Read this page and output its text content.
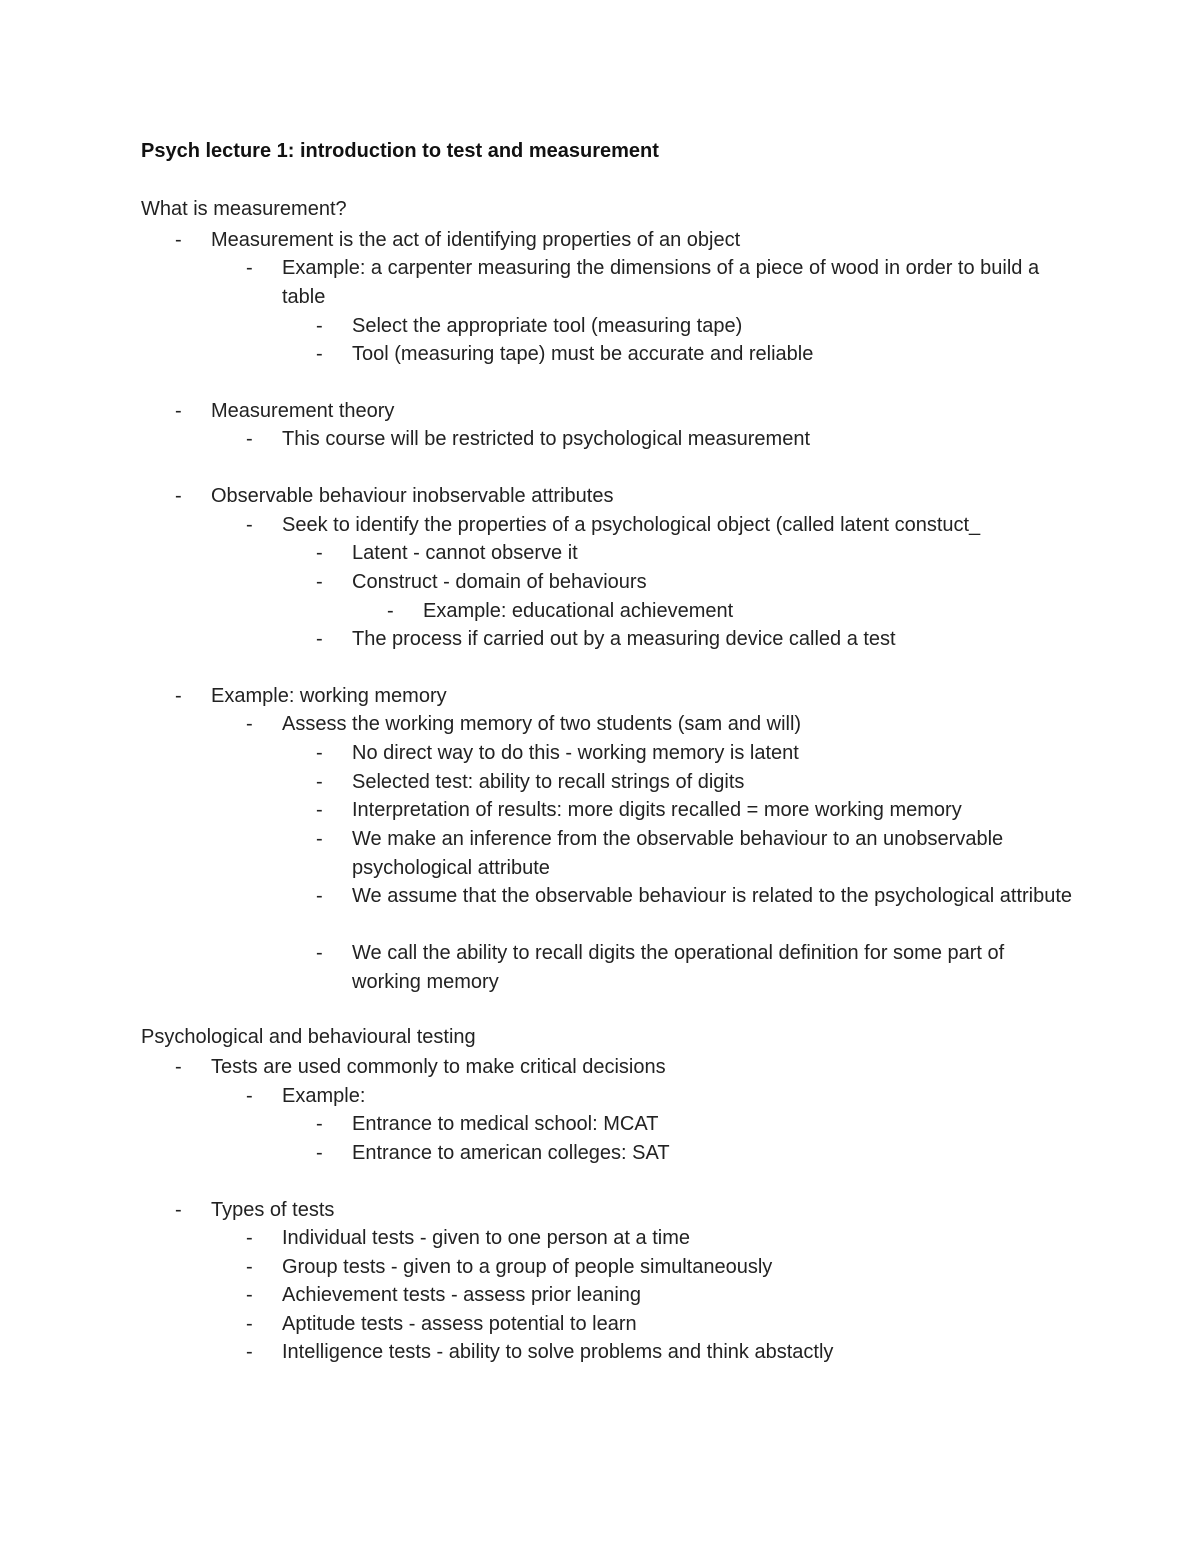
Psych lecture 1: introduction to test and measurement
What is measurement?
- Measurement is the act of identifying properties of an object
- Example: a carpenter measuring the dimensions of a piece of wood in order to build a table
- Select the appropriate tool (measuring tape)
- Tool (measuring tape) must be accurate and reliable
- Measurement theory
- This course will be restricted to psychological measurement
- Observable behaviour inobservable attributes
- Seek to identify the properties of a psychological object (called latent constuct_
- Latent - cannot observe it
- Construct - domain of behaviours
- Example: educational achievement
- The process if carried out by a measuring device called a test
- Example: working memory
- Assess the working memory of two students (sam and will)
- No direct way to do this - working memory is latent
- Selected test: ability to recall strings of digits
- Interpretation of results: more digits recalled = more working memory
- We make an inference from the observable behaviour to an unobservable psychological attribute
- We assume that the observable behaviour is related to the psychological attribute
- We call the ability to recall digits the operational definition for some part of working memory
Psychological and behavioural testing
- Tests are used commonly to make critical decisions
- Example:
- Entrance to medical school: MCAT
- Entrance to american colleges: SAT
- Types of tests
- Individual tests - given to one person at a time
- Group tests - given to a group of people simultaneously
- Achievement tests - assess prior leaning
- Aptitude tests - assess potential to learn
- Intelligence tests - ability to solve problems and think abstactly
